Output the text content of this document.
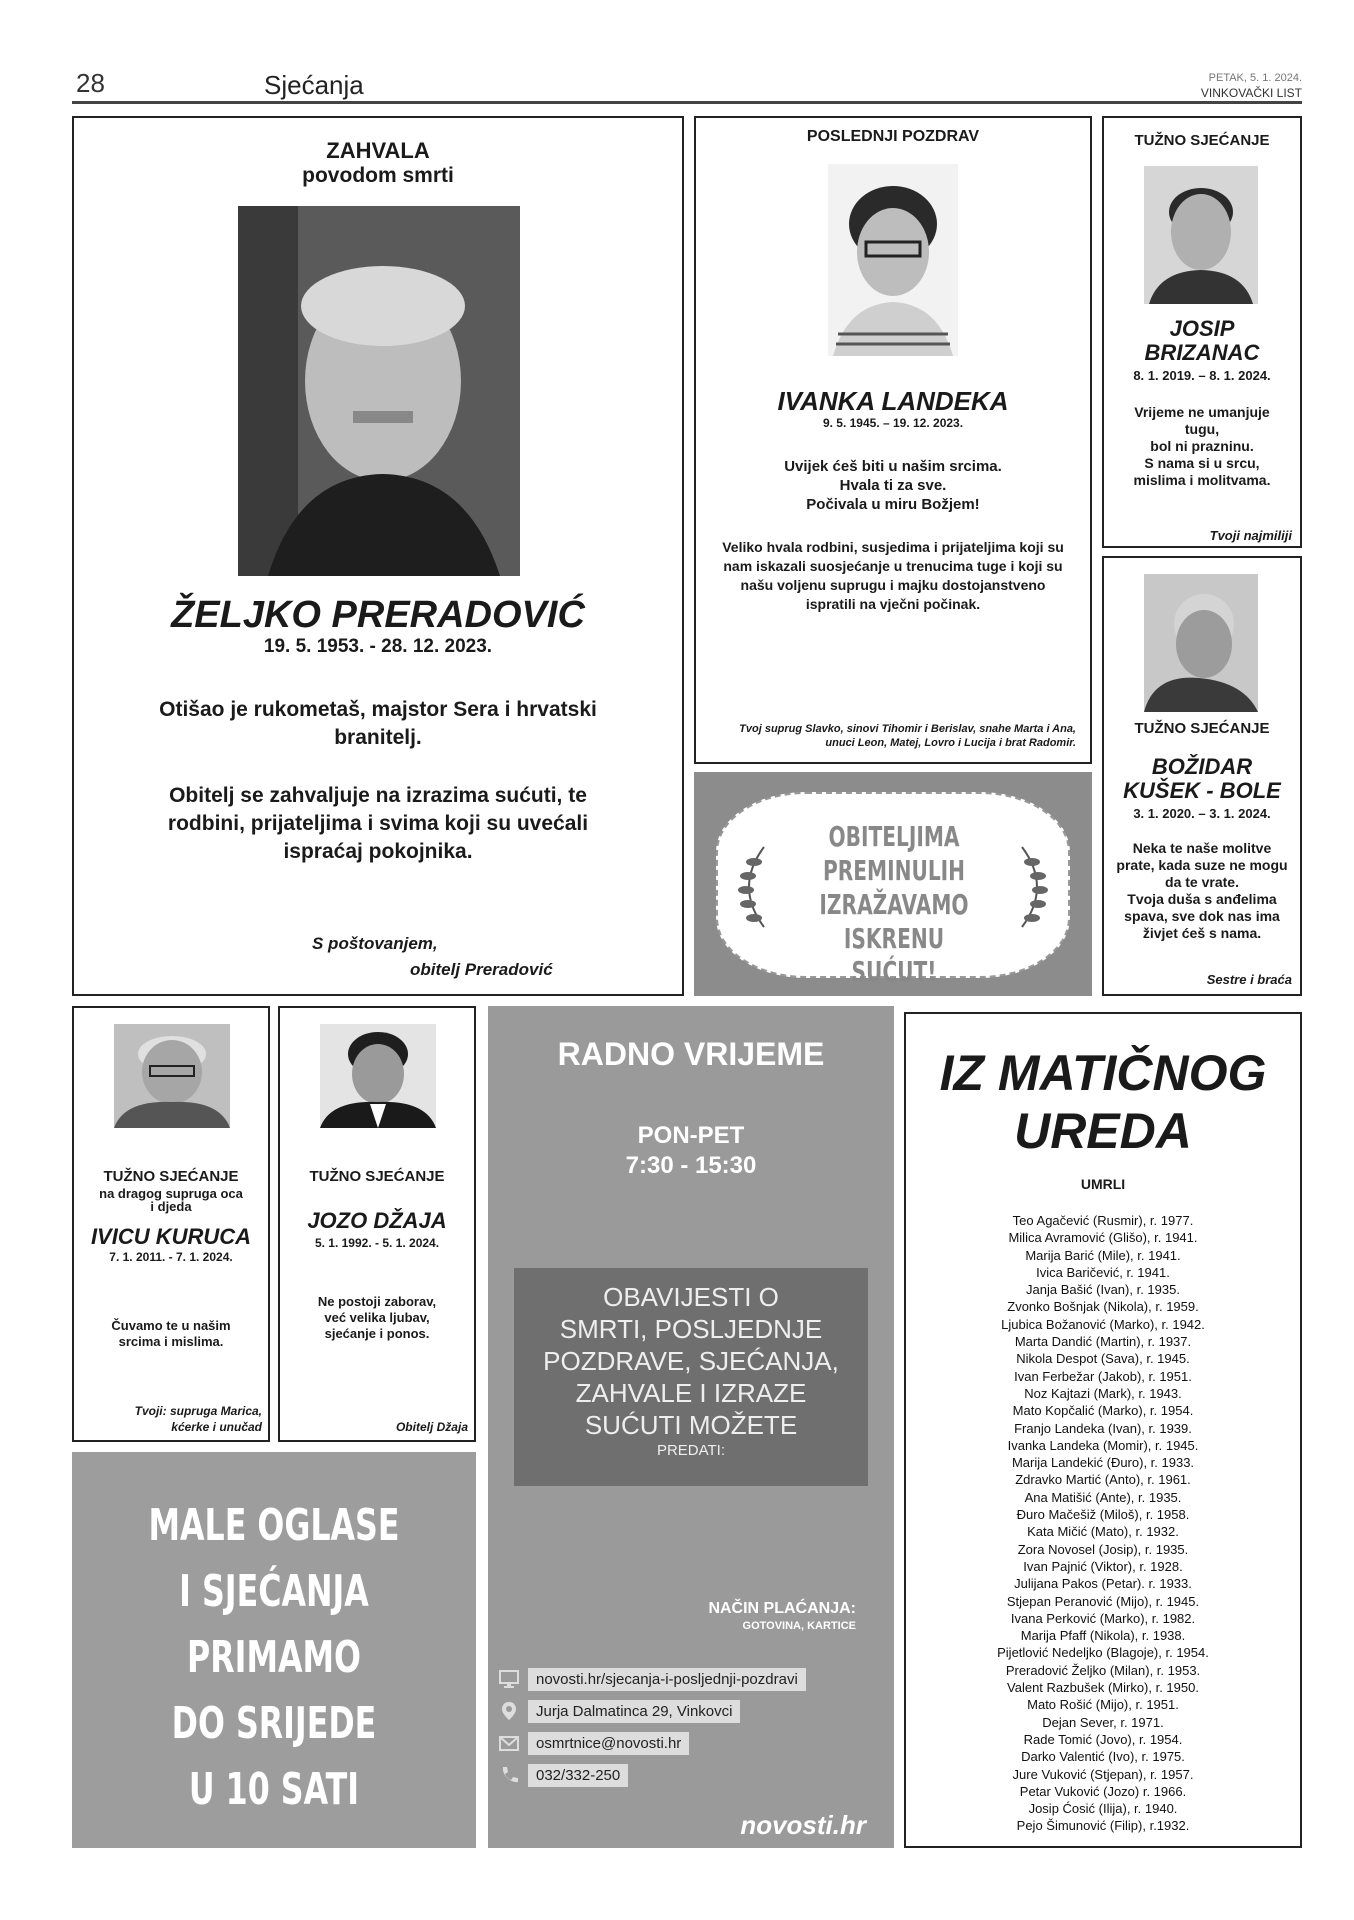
28	Sjećanja	PETAK, 5. 1. 2024.
VINKOVAČKI LIST
ZAHVALA
povodom smrti
ŽELJKO PRERADOVIĆ
19. 5. 1953. - 28. 12. 2023.
Otišao je rukometaš, majstor Sera i hrvatski branitelj.
Obitelj se zahvaljuje na izrazima sućuti, te rodbini, prijateljima i svima koji su uvećali ispraćaj pokojnika.
S poštovanjem,
obitelj Preradović
POSLEDNJI POZDRAV
IVANKA LANDEKA
9. 5. 1945. – 19. 12. 2023.
Uvijek ćeš biti u našim srcima.
Hvala ti za sve.
Počivala u miru Božjem!
Veliko hvala rodbini, susjedima i prijateljima koji su nam iskazali suosjećanje u trenucima tuge i koji su našu voljenu suprugu i majku dostojanstveno ispratili na vječni počinak.
Tvoj suprug Slavko, sinovi Tihomir i Berislav, snahe Marta i Ana, unuci Leon, Matej, Lovro i Lucija i brat Radomir.
OBITELJIMA
PREMINULIH
IZRAŽAVAMO
ISKRENU SUĆUT!
TUŽNO SJEĆANJE
JOSIP
BRIZANAC
8. 1. 2019. – 8. 1. 2024.
Vrijeme ne umanjuje
tugu,
bol ni prazninu.
S nama si u srcu,
mislima i molitvama.
Tvoji najmiliji
TUŽNO SJEĆANJE
BOŽIDAR
KUŠEK - BOLE
3. 1. 2020. – 3. 1. 2024.
Neka te naše molitve
prate, kada suze ne mogu
da te vrate.
Tvoja duša s anđelima
spava, sve dok nas ima
živjet ćeš s nama.
Sestre i braća
TUŽNO SJEĆANJE
na dragog supruga oca
i djeda
IVICU KURUCA
7. 1. 2011. - 7. 1. 2024.
Čuvamo te u našim
srcima i mislima.
Tvoji: supruga Marica,
kćerke i unučad
TUŽNO SJEĆANJE
JOZO DŽAJA
5. 1. 1992. - 5. 1. 2024.
Ne postoji zaborav,
već velika ljubav,
sjećanje i ponos.
Obitelj Džaja
MALE OGLASE
I SJEĆANJA
PRIMAMO
DO SRIJEDE
U 10 SATI
RADNO VRIJEME
PON-PET
7:30 - 15:30
OBAVIJESTI O
SMRTI, POSLJEDNJE
POZDRAVE, SJEĆANJA,
ZAHVALE I IZRAZE
SUĆUTI MOŽETE
PREDATI:
NAČIN PLAĆANJA:
GOTOVINA, KARTICE
novosti.hr/sjecanja-i-posljednji-pozdravi
Jurja Dalmatinca 29, Vinkovci
osmrtnice@novosti.hr
032/332-250
novosti.hr
IZ MATIČNOG
UREDA
UMRLI
Teo Agačević (Rusmir), r. 1977.
Milica Avramović (Glišo), r. 1941.
Marija Barić (Mile), r. 1941.
Ivica Baričević, r. 1941.
Janja Bašić (Ivan), r. 1935.
Zvonko Bošnjak (Nikola), r. 1959.
Ljubica Božanović (Marko), r. 1942.
Marta Dandić (Martin), r. 1937.
Nikola Despot (Sava), r. 1945.
Ivan Ferbežar (Jakob), r. 1951.
Noz Kajtazi (Mark), r. 1943.
Mato Kopčalić (Marko), r. 1954.
Franjo Landeka (Ivan), r. 1939.
Ivanka Landeka (Momir), r. 1945.
Marija Landekić (Đuro), r. 1933.
Zdravko Martić (Anto), r. 1961.
Ana Matišić (Ante), r. 1935.
Đuro Mačešiž (Miloš), r. 1958.
Kata Mičić (Mato), r. 1932.
Zora Novosel (Josip), r. 1935.
Ivan Pajnić (Viktor), r. 1928.
Julijana Pakos (Petar). r. 1933.
Stjepan Peranović (Mijo), r. 1945.
Ivana Perković (Marko), r. 1982.
Marija Pfaff (Nikola), r. 1938.
Pijetlović Nedeljko (Blagoje), r. 1954.
Preradović Željko (Milan), r. 1953.
Valent Razbušek (Mirko), r. 1950.
Mato Rošić (Mijo), r. 1951.
Dejan Sever, r. 1971.
Rade Tomić (Jovo), r. 1954.
Darko Valentić (Ivo), r. 1975.
Jure Vuković (Stjepan), r. 1957.
Petar Vuković (Jozo) r. 1966.
Josip Ćosić (Ilija), r. 1940.
Pejo Šimunović (Filip), r.1932.
